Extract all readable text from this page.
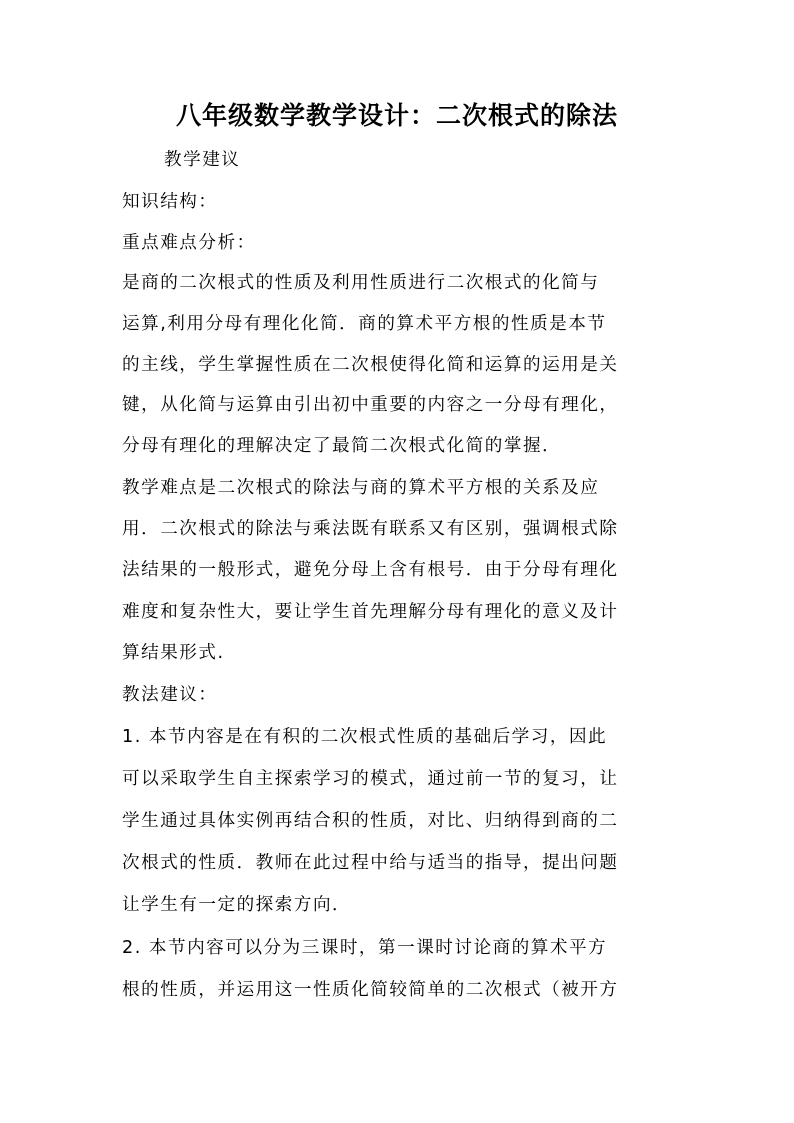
八年级数学教学设计：二次根式的除法
教学建议
知识结构：
重点难点分析：
是商的二次根式的性质及利用性质进行二次根式的化简与
运算,利用分母有理化化简．商的算术平方根的性质是本节
的主线，学生掌握性质在二次根使得化简和运算的运用是关
键，从化简与运算由引出初中重要的内容之一分母有理化，
分母有理化的理解决定了最简二次根式化简的掌握．
教学难点是二次根式的除法与商的算术平方根的关系及应
用．二次根式的除法与乘法既有联系又有区别，强调根式除
法结果的一般形式，避免分母上含有根号．由于分母有理化
难度和复杂性大，要让学生首先理解分母有理化的意义及计
算结果形式.
教法建议：
1. 本节内容是在有积的二次根式性质的基础后学习，因此
可以采取学生自主探索学习的模式，通过前一节的复习，让
学生通过具体实例再结合积的性质，对比、归纳得到商的二
次根式的性质．教师在此过程中给与适当的指导，提出问题
让学生有一定的探索方向．
2. 本节内容可以分为三课时，第一课时讨论商的算术平方
根的性质，并运用这一性质化简较简单的二次根式（被开方
